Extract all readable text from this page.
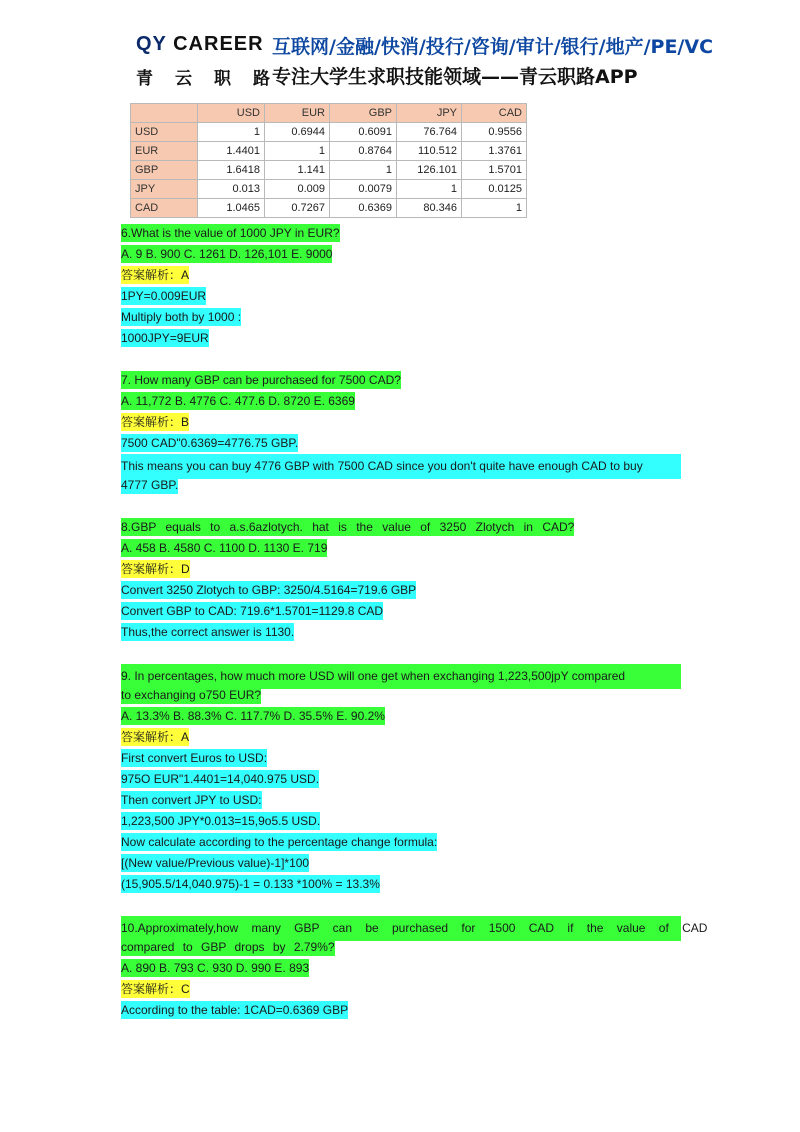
QY CAREER
青云职路
互联网/金融/快消/投行/咨询/审计/银行/地产/PE/VC
专注大学生求职技能领域——青云职路APP
	USD	EUR	GBP	JPY	CAD
USD	1	0.6944	0.6091	76.764	0.9556
EUR	1.4401	1	0.8764	110.512	1.3761
GBP	1.6418	1.141	1	126.101	1.5701
JPY	0.013	0.009	0.0079	1	0.0125
CAD	1.0465	0.7267	0.6369	80.346	1
6.What is the value of 1000 JPY in EUR?
A. 9 B. 900 C. 1261 D. 126,101 E. 9000
答案解析：A
1PY=0.009EUR
Multiply both by 1000 :
1000JPY=9EUR
7. How many GBP can be purchased for 7500 CAD?
A. 11,772 B. 4776 C. 477.6 D. 8720 E. 6369
答案解析：B
7500 CAD"0.6369=4776.75 GBP.
This means you can buy 4776 GBP with 7500 CAD since you don't quite have enough CAD to buy
4777 GBP.
8.GBP equals to a.s.6azlotych. hat is the value of 3250 Zlotych in CAD?
A. 458 B. 4580 C. 1100 D. 1130 E. 719
答案解析：D
Convert 3250 Zlotych to GBP: 3250/4.5164=719.6 GBP
Convert GBP to CAD: 719.6*1.5701=1129.8 CAD
Thus,the correct answer is 1130.
9. In percentages, how much more USD will one get when exchanging 1,223,500jpY compared
to exchanging o750 EUR?
A. 13.3% B. 88.3% C. 117.7% D. 35.5% E. 90.2%
答案解析：A
First convert Euros to USD:
975O EUR"1.4401=14,040.975 USD.
Then convert JPY to USD:
1,223,500 JPY*0.013=15,9o5.5 USD.
Now calculate according to the percentage change formula:
[(New value/Previous value)-1]*100
(15,905.5/14,040.975)-1 = 0.133 *100% = 13.3%
10.Approximately,how many GBP can be purchased for 1500 CAD if the value of CAD
compared to GBP drops by 2.79%?
A. 890 B. 793 C. 930 D. 990 E. 893
答案解析：C
According to the table: 1CAD=0.6369 GBP
